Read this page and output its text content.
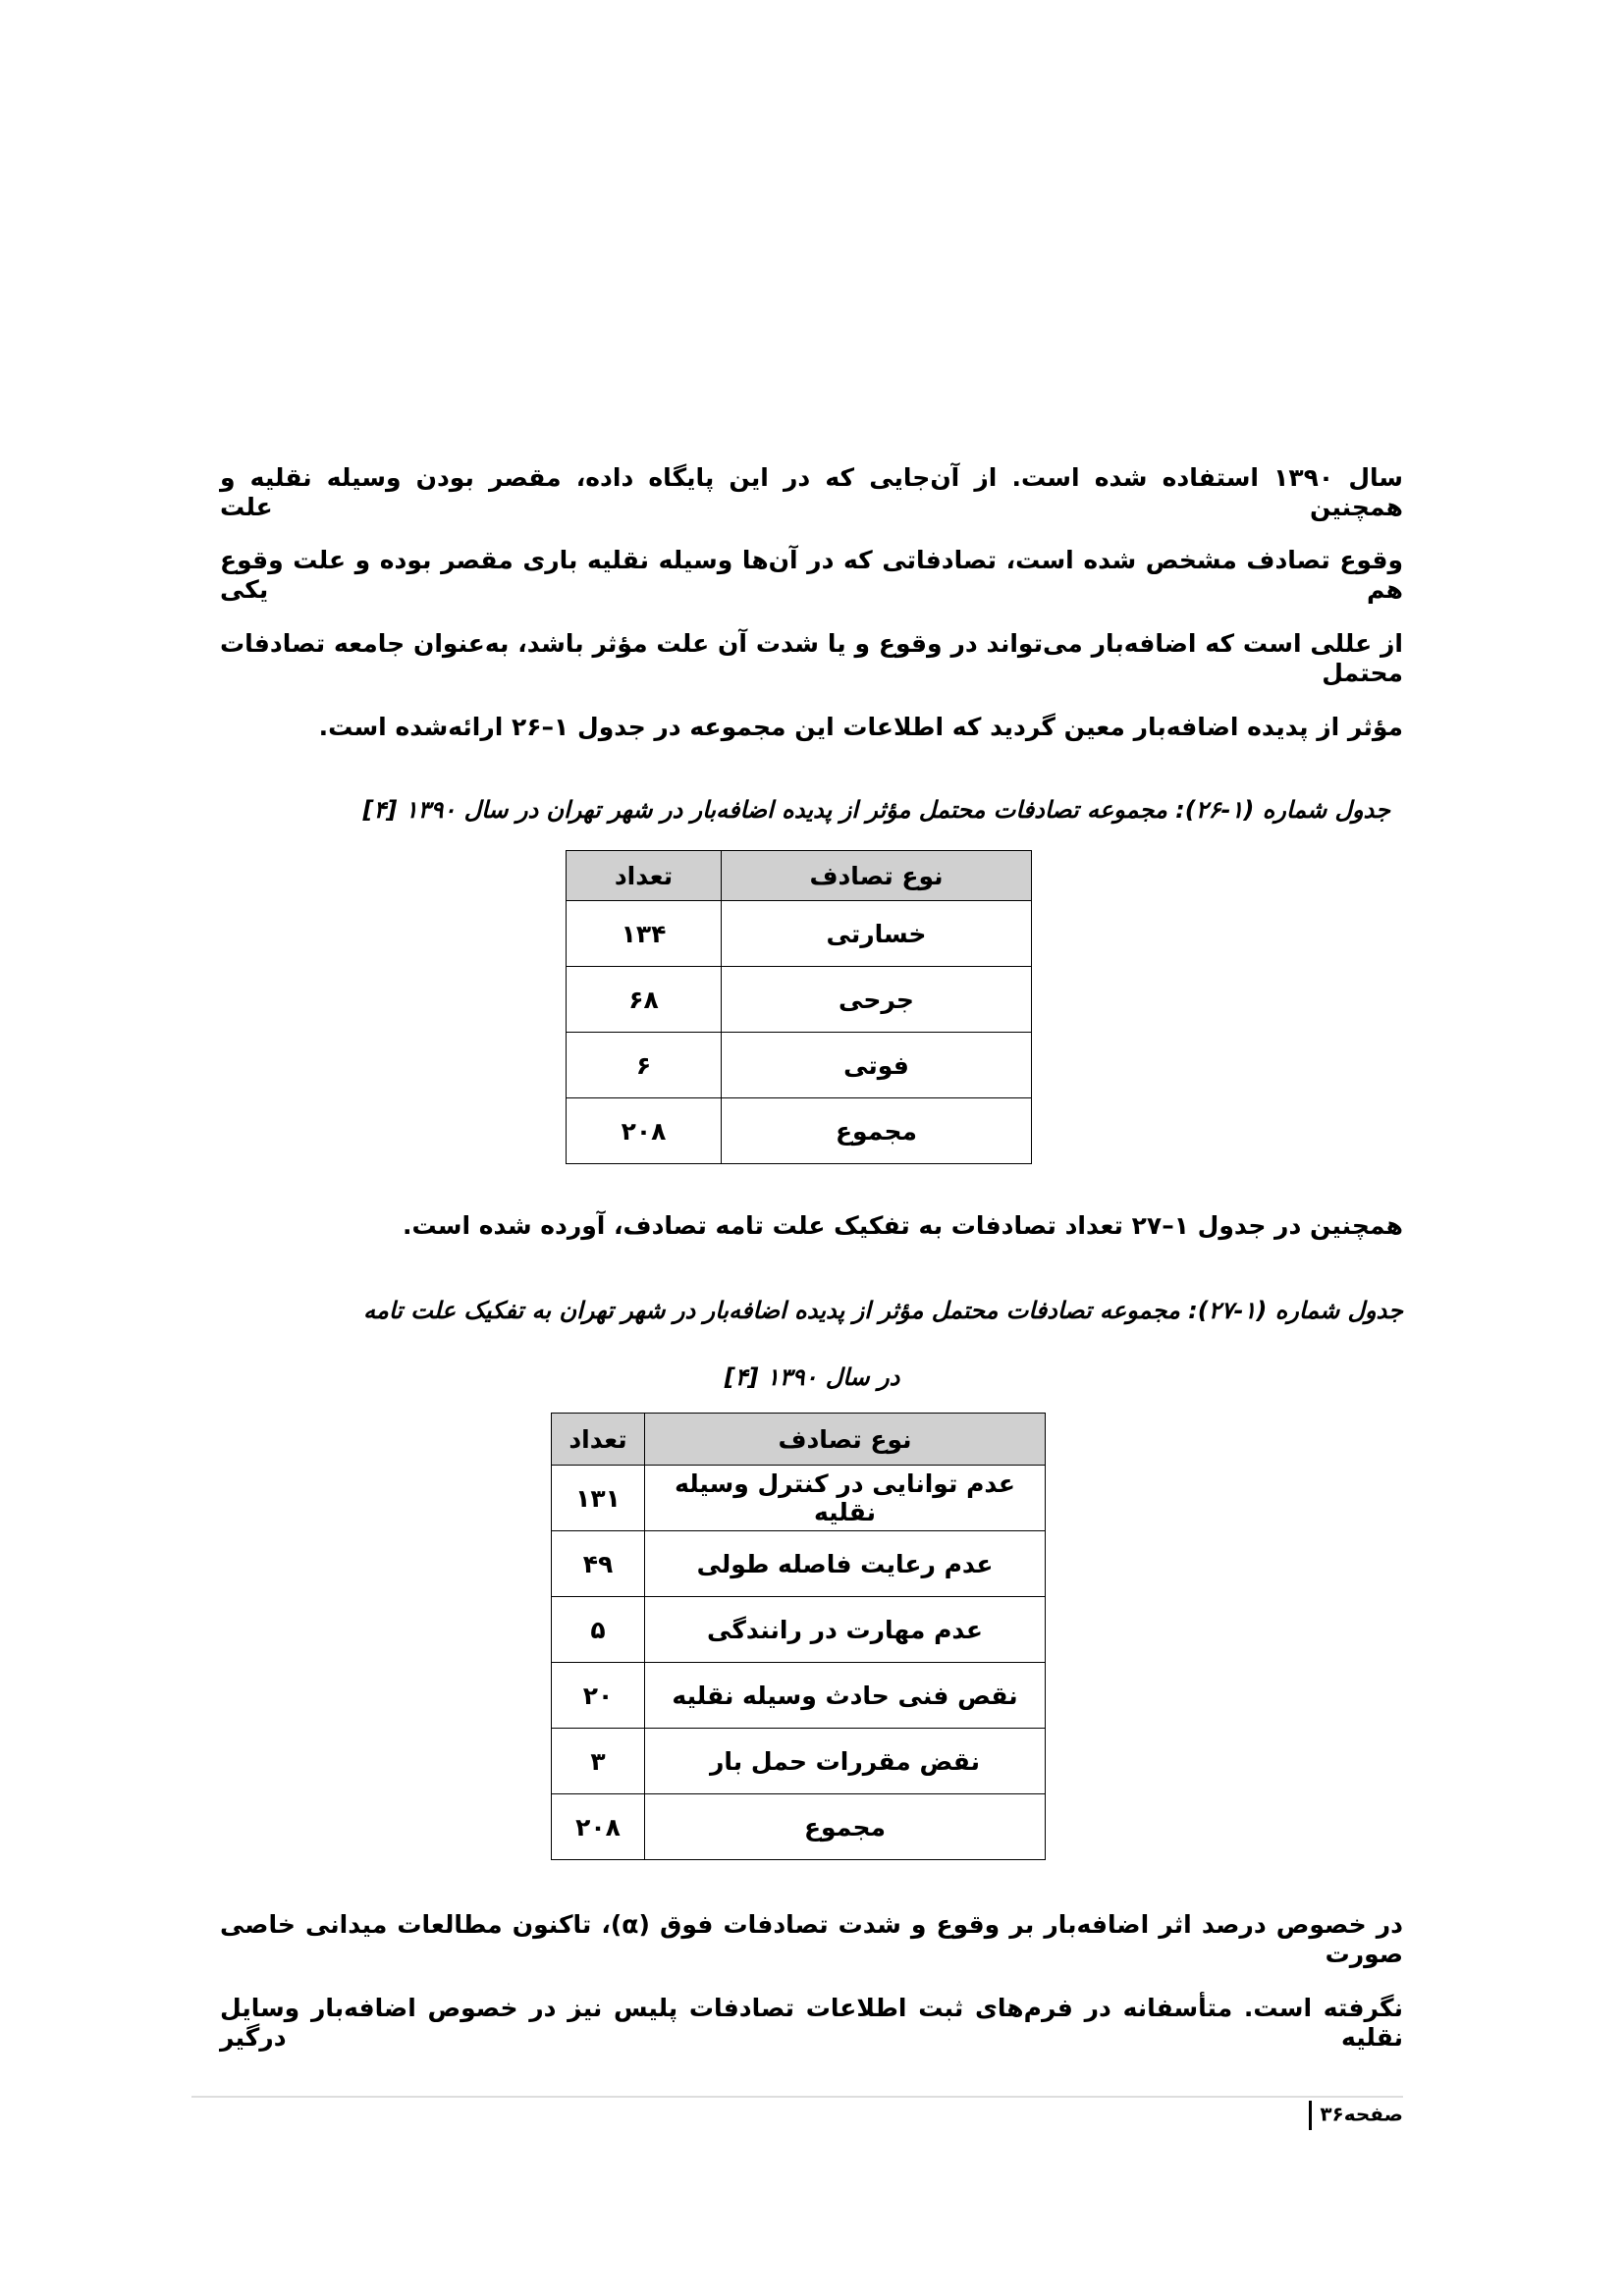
سال ۱۳۹۰ استفاده شده است. از آن‌جایی که در این پایگاه داده، مقصر بودن وسیله نقلیه و همچنین علت
وقوع تصادف مشخص شده است، تصادفاتی که در آن‌ها وسیله نقلیه باری مقصر بوده و علت وقوع هم یکی
از عللی است که اضافه‌بار می‌تواند در وقوع و یا شدت آن علت مؤثر باشد، به‌عنوان جامعه تصادفات محتمل
مؤثر از پدیده اضافه‌بار معین گردید که اطلاعات این مجموعه در جدول ۱–۲۶ ارائه‌شده است.
جدول شماره (۱-۲۶): مجموعه تصادفات محتمل مؤثر از پدیده اضافه‌بار در شهر تهران در سال ۱۳۹۰ [۴]
نوع تصادف	تعداد
خسارتی	۱۳۴
جرحی	۶۸
فوتی	۶
مجموع	۲۰۸
همچنین در جدول ۱–۲۷ تعداد تصادفات به تفکیک علت تامه تصادف، آورده شده است.
جدول شماره (۱-۲۷): مجموعه تصادفات محتمل مؤثر از پدیده اضافه‌بار در شهر تهران به تفکیک علت تامه
در سال ۱۳۹۰ [۴]
نوع تصادف	تعداد
عدم توانایی در کنترل وسیله نقلیه	۱۳۱
عدم رعایت فاصله طولی	۴۹
عدم مهارت در رانندگی	۵
نقص فنی حادث وسیله نقلیه	۲۰
نقض مقررات حمل بار	۳
مجموع	۲۰۸
در خصوص درصد اثر اضافه‌بار بر وقوع و شدت تصادفات فوق (α)، تاکنون مطالعات میدانی خاصی صورت
نگرفته است. متأسفانه در فرم‌های ثبت اطلاعات تصادفات پلیس نیز در خصوص اضافه‌بار وسایل نقلیه درگیر
صفحه۳۶
